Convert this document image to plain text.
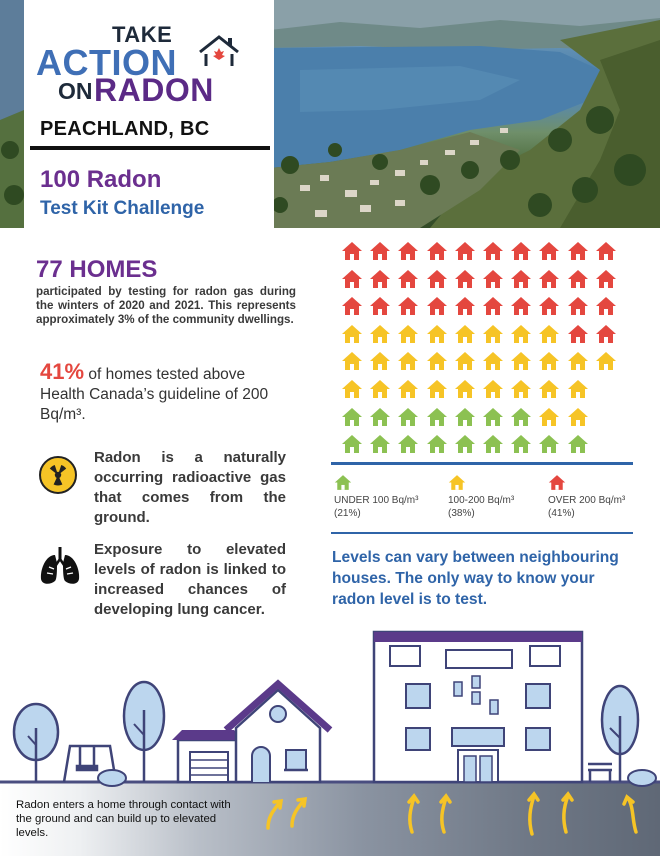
TAKE
ACTION
ON RADON
PEACHLAND, BC
100 Radon
Test Kit Challenge
77 HOMES
participated by testing for radon gas during the winters of 2020 and 2021. This represents approximately 3% of the community dwellings.
41% of homes tested above Health Canada’s guideline of 200 Bq/m³.
Radon is a naturally occurring radioactive gas that comes from the ground.
Exposure to elevated levels of radon is linked to increased chances of developing lung cancer.
UNDER 100 Bq/m³
(21%)
100-200 Bq/m³
(38%)
OVER 200 Bq/m³
(41%)
Levels can vary between neighbouring houses. The only way to know your radon level is to test.
Radon enters a home through contact with the ground and can build up to elevated levels.
